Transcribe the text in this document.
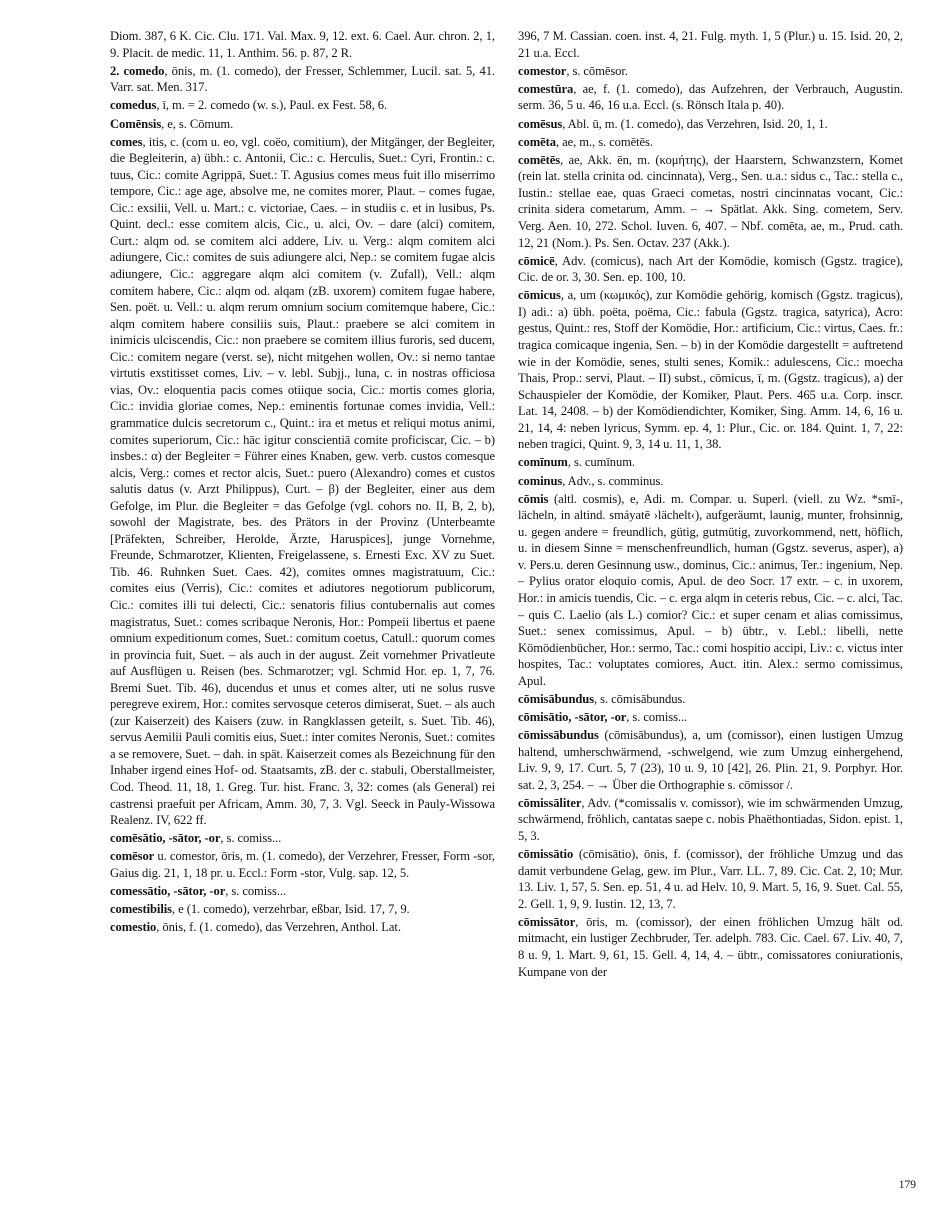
Diom. 387, 6 K. Cic. Clu. 171. Val. Max. 9, 12. ext. 6. Cael. Aur. chron. 2, 1, 9. Placit. de medic. 11, 1. Anthim. 56. p. 87, 2 R.

2. comedo, ōnis, m. (1. comedo), der Fresser, Schlemmer, Lucil. sat. 5, 41. Varr. sat. Men. 317.

comedus, ī, m. = 2. comedo (w. s.), Paul. ex Fest. 58, 6.

Comēnsis, e, s. Cōmum.

comes, itis, c. (com u. eo, vgl. coëo, comitium), der Mitgänger, der Begleiter, die Begleiterin, a) übh.: c. Antonii, Cic.: c. Herculis, Suet.: Cyri, Frontin.: c. tuus, Cic.: comite Agrippā, Suet.: T. Agusius comes meus fuit illo miserrimo tempore, Cic.: age age, absolve me, ne comites morer, Plaut. – comes fugae, Cic.: exsilii, Vell. u. Mart.: c. victoriae, Caes. – in studiis c. et in lusibus, Ps. Quint. decl.: esse comitem alcis, Cic., u. alci, Ov. – dare (alci) comitem, Curt.: alqm od. se comitem alci addere, Liv. u. Verg.: alqm comitem alci adiungere, Cic.: comites de suis adiungere alci, Nep.: se comitem fugae alcis adiungere, Cic.: aggregare alqm alci comitem (v. Zufall), Vell.: alqm comitem habere, Cic.: alqm od. alqam (zB. uxorem) comitem fugae habere, Sen. poët. u. Vell.: u. alqm rerum omnium socium comitemque habere, Cic.: alqm comitem habere consiliis suis, Plaut.: praebere se alci comitem in inimicis ulciscendis, Cic.: non praebere se comitem illius furoris, sed ducem, Cic.: comitem negare (verst. se), nicht mitgehen wollen, Ov.: si nemo tantae virtutis exstitisset comes, Liv. – v. lebl. Subjj., luna, c. in nostras officiosa vias, Ov.: eloquentia pacis comes otiique socia, Cic.: mortis comes gloria, Cic.: invidia gloriae comes, Nep.: eminentis fortunae comes invidia, Vell.: grammatice dulcis secretorum c., Quint.: ira et metus et reliqui motus animi, comites superiorum, Cic.: hāc igitur conscientiā comite proficiscar, Cic. – b) insbes.: α) der Begleiter = Führer eines Knaben, gew. verb. custos comesque alcis, Verg.: comes et rector alcis, Suet.: puero (Alexandro) comes et custos salutis datus (v. Arzt Philippus), Curt. – β) der Begleiter, einer aus dem Gefolge, im Plur. die Begleiter = das Gefolge (vgl. cohors no. II, B, 2, b), sowohl der Magistrate, bes. des Prätors in der Provinz (Unterbeamte [Präfekten, Schreiber, Herolde, Ärzte, Haruspices], junge Vornehme, Freunde, Schmarotzer, Klienten, Freigelassene, s. Ernesti Exc. XV zu Suet. Tib. 46. Ruhnken Suet. Caes. 42), comites omnes magistratuum, Cic.: comites eius (Verris), Cic.: comites et adiutores negotiorum publicorum, Cic.: comites illi tui delecti, Cic.: senatoris filius contubernalis aut comes magistratus, Suet.: comes scribaque Neronis, Hor.: Pompeii libertus et paene omnium expeditionum comes, Suet.: comitum coetus, Catull.: quorum comes in provincia fuit, Suet. – als auch in der august. Zeit vornehmer Privatleute auf Ausflügen u. Reisen (bes. Schmarotzer; vgl. Schmid Hor. ep. 1, 7, 76. Bremi Suet. Tib. 46), ducendus et unus et comes alter, uti ne solus rusve peregreve exirem, Hor.: comites servosque ceteros dimiserat, Suet. – als auch (zur Kaiserzeit) des Kaisers (zuw. in Rangklassen geteilt, s. Suet. Tib. 46), servus Aemilii Pauli comitis eius, Suet.: inter comites Neronis, Suet.: comites a se removere, Suet. – dah. in spät. Kaiserzeit comes als Bezeichnung für den Inhaber irgend eines Hof- od. Staatsamts, zB. der c. stabuli, Oberstallmeister, Cod. Theod. 11, 18, 1. Greg. Tur. hist. Franc. 3, 32: comes (als General) rei castrensi praefuit per Africam, Amm. 30, 7, 3. Vgl. Seeck in Pauly-Wissowa Realenz. IV, 622 ff.

comēsātio, -sātor, -or, s. comiss...

comēsor u. comestor, ōris, m. (1. comedo), der Verzehrer, Fresser, Form -sor, Gaius dig. 21, 1, 18 pr. u. Eccl.: Form -stor, Vulg. sap. 12, 5.

comessātio, -sātor, -or, s. comiss...

comestibilis, e (1. comedo), verzehrbar, eßbar, Isid. 17, 7, 9.

comestio, ōnis, f. (1. comedo), das Verzehren, Anthol. Lat.

396, 7 M. Cassian. coen. inst. 4, 21. Fulg. myth. 1, 5 (Plur.) u. 15. Isid. 20, 2, 21 u.a. Eccl.

comestor, s. cōmēsor.

comestūra, ae, f. (1. comedo), das Aufzehren, der Verbrauch, Augustin. serm. 36, 5 u. 46, 16 u.a. Eccl. (s. Rönsch Itala p. 40).

comēsus, Abl. ū, m. (1. comedo), das Verzehren, Isid. 20, 1, 1.

comēta, ae, m., s. comētēs.

comētēs, ae, Akk. ēn, m. (κομήτης), der Haarstern, Schwanzstern, Komet (rein lat. stella crinita od. cincinnata), Verg., Sen. u.a.: sidus c., Tac.: stella c., Iustin.: stellae eae, quas Graeci cometas, nostri cincinnatas vocant, Cic.: crinita sidera cometarum, Amm. – → Spätlat. Akk. Sing. cometem, Serv. Verg. Aen. 10, 272. Schol. Iuven. 6, 407. – Nbf. comēta, ae, m., Prud. cath. 12, 21 (Nom.). Ps. Sen. Octav. 237 (Akk.).

cōmicē, Adv. (comicus), nach Art der Komödie, komisch (Ggstz. tragice), Cic. de or. 3, 30. Sen. ep. 100, 10.

cōmicus, a, um (κωμικός), zur Komödie gehörig, komisch (Ggstz. tragicus), I) adi.: a) übh. poëta, poëma, Cic.: fabula (Ggstz. tragica, satyrica), Acro: gestus, Quint.: res, Stoff der Komödie, Hor.: artificium, Cic.: virtus, Caes. fr.: tragica comicaque ingenia, Sen. – b) in der Komödie dargestellt = auftretend wie in der Komödie, senes, stulti senes, Komik.: adulescens, Cic.: moecha Thais, Prop.: servi, Plaut. – II) subst., cōmicus, ī, m. (Ggstz. tragicus), a) der Schauspieler der Komödie, der Komiker, Plaut. Pers. 465 u.a. Corp. inscr. Lat. 14, 2408. – b) der Komödiendichter, Komiker, Sing. Amm. 14, 6, 16 u. 21, 14, 4: neben lyricus, Symm. ep. 4, 1: Plur., Cic. or. 184. Quint. 1, 7, 22: neben tragici, Quint. 9, 3, 14 u. 11, 1, 38.

comīnum, s. cumīnum.

cominus, Adv., s. comminus.

cōmis (altl. cosmis), e, Adi. m. Compar. u. Superl. (viell. zu Wz. *smī-, lächeln, in altind. smáyatē ›lächelt‹), aufgeräumt, launig, munter, frohsinnig, u. gegen andere = freundlich, gütig, gutmütig, zuvorkommend, nett, höflich, u. in diesem Sinne = menschenfreundlich, human (Ggstz. severus, asper), a) v. Pers.u. deren Gesinnung usw., dominus, Cic.: animus, Ter.: ingenium, Nep. – Pylius orator eloquio comis, Apul. de deo Socr. 17 extr. – c. in uxorem, Hor.: in amicis tuendis, Cic. – c. erga alqm in ceteris rebus, Cic. – c. alci, Tac. – quis C. Laelio (als L.) comior? Cic.: et super cenam et alias comissimus, Suet.: senex comissimus, Apul. – b) übtr., v. Lebl.: libelli, nette Kömödienbücher, Hor.: sermo, Tac.: comi hospitio accipi, Liv.: c. victus inter hospites, Tac.: voluptates comiores, Auct. itin. Alex.: sermo comissimus, Apul.

cōmisābundus, s. cōmisābundus.

cōmisātio, -sātor, -or, s. comiss...

cōmissābundus (cōmisābundus), a, um (comissor), einen lustigen Umzug haltend, umherschwärmend, -schwelgend, wie zum Umzug einhergehend, Liv. 9, 9, 17. Curt. 5, 7 (23), 10 u. 9, 10 [42], 26. Plin. 21, 9. Porphyr. Hor. sat. 2, 3, 254. – → Über die Orthographie s. cōmissor /.

cōmissāliter, Adv. (*comissalis v. comissor), wie im schwärmenden Umzug, schwärmend, fröhlich, cantatas saepe c. nobis Phaëthontiadas, Sidon. epist. 1, 5, 3.

cōmissātio (cōmisātio), ōnis, f. (comissor), der fröhliche Umzug und das damit verbundene Gelag, gew. im Plur., Varr. LL. 7, 89. Cic. Cat. 2, 10; Mur. 13. Liv. 1, 57, 5. Sen. ep. 51, 4 u. ad Helv. 10, 9. Mart. 5, 16, 9. Suet. Cal. 55, 2. Gell. 1, 9, 9. Iustin. 12, 13, 7.

cōmissātor, ōris, m. (comissor), der einen fröhlichen Umzug hält od. mitmacht, ein lustiger Zechbruder, Ter. adelph. 783. Cic. Cael. 67. Liv. 40, 7, 8 u. 9, 1. Mart. 9, 61, 15. Gell. 4, 14, 4. – übtr., comissatores coniurationis, Kumpane von der

179
